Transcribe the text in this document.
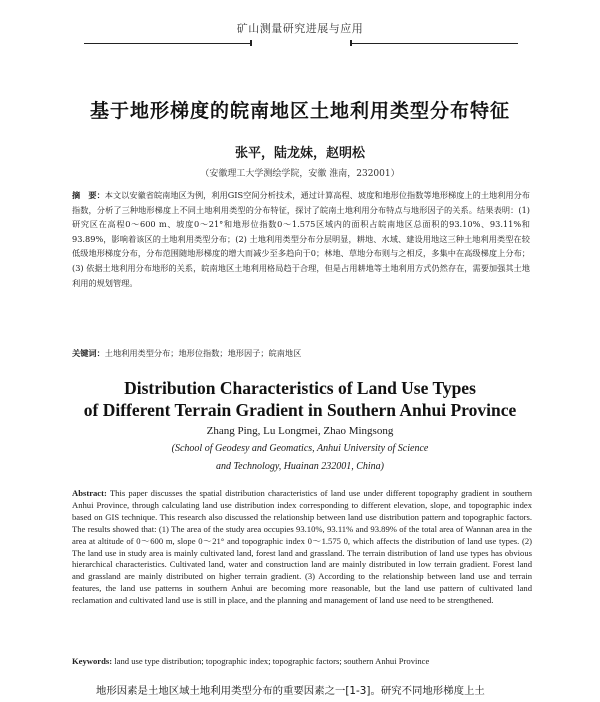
矿山测量研究进展与应用
基于地形梯度的皖南地区土地利用类型分布特征
张平，陆龙妹，赵明松
（安徽理工大学测绘学院，安徽 淮南，232001）
摘　要：本文以安徽省皖南地区为例，利用GIS空间分析技术，通过计算高程、坡度和地形位指数等地形梯度上的土地利用分布指数，分析了三种地形梯度上不同土地利用类型的分布特征，探讨了皖南土地利用分布特点与地形因子的关系。结果表明：(1) 研究区在高程0～600 m、坡度0～21°和地形位指数0～1.575区域内的面积占皖南地区总面积的93.10%、93.11%和93.89%，影响着该区的土地利用类型分布；(2) 土地利用类型分布分层明显，耕地、水域、建设用地这三种土地利用类型在较低级地形梯度分布，分布范围随地形梯度的增大而减少至多趋向于0；林地、草地分布则与之相反，多集中在高级梯度上分布；(3) 依据土地利用分布地形的关系，皖南地区土地利用格局趋于合理，但是占用耕地等土地利用方式仍然存在，需要加强其土地利用的规划管理。
关键词：土地利用类型分布；地形位指数；地形因子；皖南地区
Distribution Characteristics of Land Use Types
of Different Terrain Gradient in Southern Anhui Province
Zhang Ping, Lu Longmei, Zhao Mingsong
(School of Geodesy and Geomatics, Anhui University of Science
and Technology, Huainan 232001, China)
Abstract: This paper discusses the spatial distribution characteristics of land use under different topography gradient in southern Anhui Province, through calculating land use distribution index corresponding to different elevation, slope, and topographic index based on GIS technique. This research also discussed the relationship between land use distribution pattern and topographic factors. The results showed that: (1) The area of the study area occupies 93.10%, 93.11% and 93.89% of the total area of Wannan area in the area at altitude of 0～600 m, slope 0～21° and topographic index 0～1.575 0, which affects the distribution of land use types. (2) The land use in study area is mainly cultivated land, forest land and grassland. The terrain distribution of land use types has obvious hierarchical characteristics. Cultivated land, water and construction land are mainly distributed in low terrain gradient. Forest land and grassland are mainly distributed on higher terrain gradient. (3) According to the relationship between land use and terrain features, the land use patterns in southern Anhui are becoming more reasonable, but the land use pattern of cultivated land reclamation and cultivated land use is still in place, and the planning and management of land use need to be strengthened.
Keywords: land use type distribution; topographic index; topographic factors; southern Anhui Province
地形因素是土地区域土地利用类型分布的重要因素之一[1-3]。研究不同地形梯度上土
